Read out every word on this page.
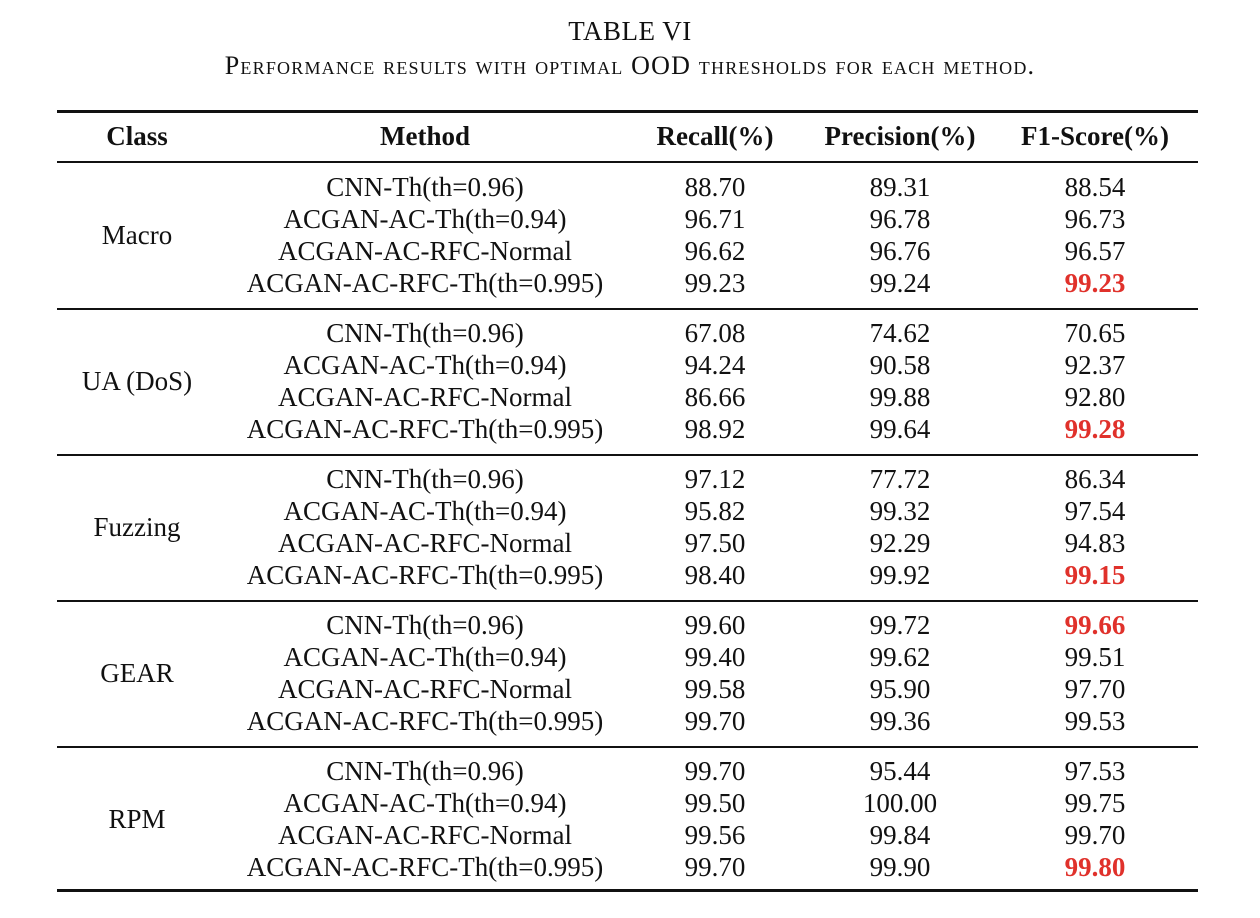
TABLE VI
Performance results with optimal OOD thresholds for each method.
Class	Method	Recall(%)	Precision(%)	F1-Score(%)
Macro
CNN-Th(th=0.96)	88.70	89.31	88.54
ACGAN-AC-Th(th=0.94)	96.71	96.78	96.73
ACGAN-AC-RFC-Normal	96.62	96.76	96.57
ACGAN-AC-RFC-Th(th=0.995)	99.23	99.24	99.23
UA (DoS)
CNN-Th(th=0.96)	67.08	74.62	70.65
ACGAN-AC-Th(th=0.94)	94.24	90.58	92.37
ACGAN-AC-RFC-Normal	86.66	99.88	92.80
ACGAN-AC-RFC-Th(th=0.995)	98.92	99.64	99.28
Fuzzing
CNN-Th(th=0.96)	97.12	77.72	86.34
ACGAN-AC-Th(th=0.94)	95.82	99.32	97.54
ACGAN-AC-RFC-Normal	97.50	92.29	94.83
ACGAN-AC-RFC-Th(th=0.995)	98.40	99.92	99.15
GEAR
CNN-Th(th=0.96)	99.60	99.72	99.66
ACGAN-AC-Th(th=0.94)	99.40	99.62	99.51
ACGAN-AC-RFC-Normal	99.58	95.90	97.70
ACGAN-AC-RFC-Th(th=0.995)	99.70	99.36	99.53
RPM
CNN-Th(th=0.96)	99.70	95.44	97.53
ACGAN-AC-Th(th=0.94)	99.50	100.00	99.75
ACGAN-AC-RFC-Normal	99.56	99.84	99.70
ACGAN-AC-RFC-Th(th=0.995)	99.70	99.90	99.80
